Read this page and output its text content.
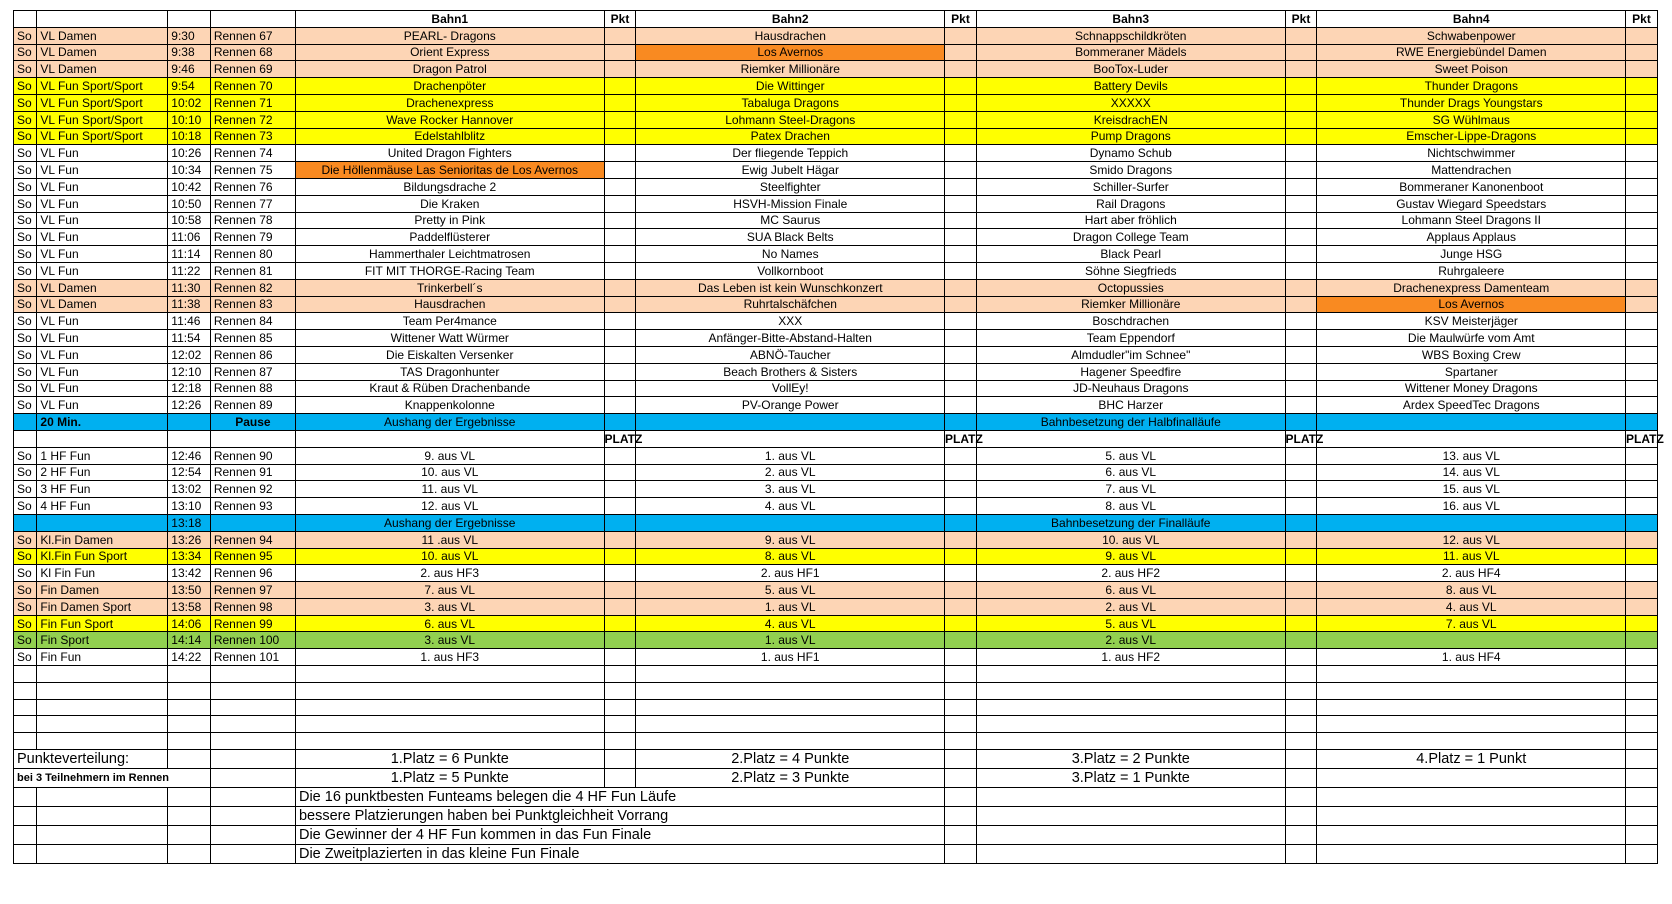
				Bahn1	Pkt	Bahn2	Pkt	Bahn3	Pkt	Bahn4	Pkt
So	VL Damen	9:30	Rennen 67	PEARL- Dragons		Hausdrachen		Schnappschildkröten		Schwabenpower	
So	VL Damen	9:38	Rennen 68	Orient Express		Los Avernos		Bommeraner Mädels		RWE Energiebündel Damen	
So	VL Damen	9:46	Rennen 69	Dragon Patrol		Riemker Millionäre		BooTox-Luder		Sweet Poison	
So	VL Fun Sport/Sport	9:54	Rennen 70	Drachenpöter		Die Wittinger		Battery Devils		Thunder Dragons	
So	VL Fun Sport/Sport	10:02	Rennen 71	Drachenexpress		Tabaluga Dragons		XXXXX		Thunder Drags Youngstars	
So	VL Fun Sport/Sport	10:10	Rennen 72	Wave Rocker Hannover		Lohmann Steel-Dragons		KreisdrachEN		SG Wühlmaus	
So	VL Fun Sport/Sport	10:18	Rennen 73	Edelstahlblitz		Patex Drachen		Pump Dragons		Emscher-Lippe-Dragons	
So	VL Fun	10:26	Rennen 74	United Dragon Fighters		Der fliegende Teppich		Dynamo Schub		Nichtschwimmer	
So	VL Fun	10:34	Rennen 75	Die Höllenmäuse Las Senioritas de Los Avernos		Ewig Jubelt Hägar		Smido Dragons		Mattendrachen	
So	VL Fun	10:42	Rennen 76	Bildungsdrache 2		Steelfighter		Schiller-Surfer		Bommeraner Kanonenboot	
So	VL Fun	10:50	Rennen 77	Die Kraken		HSVH-Mission Finale		Rail Dragons		Gustav Wiegard Speedstars	
So	VL Fun	10:58	Rennen 78	Pretty in Pink		MC Saurus		Hart aber fröhlich		Lohmann Steel Dragons II	
So	VL Fun	11:06	Rennen 79	Paddelflüsterer		SUA Black Belts		Dragon College Team		Applaus Applaus	
So	VL Fun	11:14	Rennen 80	Hammerthaler Leichtmatrosen		No Names		Black Pearl		Junge HSG	
So	VL Fun	11:22	Rennen 81	FIT MIT THORGE-Racing Team		Vollkornboot		Söhne Siegfrieds		Ruhrgaleere	
So	VL Damen	11:30	Rennen 82	Trinkerbell´s		Das Leben ist kein Wunschkonzert		Octopussies		Drachenexpress Damenteam	
So	VL Damen	11:38	Rennen 83	Hausdrachen		Ruhrtalschäfchen		Riemker Millionäre		Los Avernos	
So	VL Fun	11:46	Rennen 84	Team Per4mance		XXX		Boschdrachen		KSV Meisterjäger	
So	VL Fun	11:54	Rennen 85	Wittener Watt Würmer		Anfänger-Bitte-Abstand-Halten		Team Eppendorf		Die Maulwürfe vom Amt	
So	VL Fun	12:02	Rennen 86	Die Eiskalten Versenker		ABNÖ-Taucher		Almdudler"im Schnee"		WBS Boxing Crew	
So	VL Fun	12:10	Rennen 87	TAS Dragonhunter		Beach Brothers & Sisters		Hagener Speedfire		Spartaner	
So	VL Fun	12:18	Rennen 88	Kraut & Rüben Drachenbande		VollEy!		JD-Neuhaus Dragons		Wittener Money Dragons	
So	VL Fun	12:26	Rennen 89	Knappenkolonne		PV-Orange Power		BHC Harzer		Ardex SpeedTec Dragons	
	20 Min.		Pause	Aushang der Ergebnisse				Bahnbesetzung der Halbfinalläufe			
					PLATZ		PLATZ		PLATZ		PLATZ
So	1 HF Fun	12:46	Rennen 90	9. aus VL		1. aus VL		5. aus VL		13. aus VL	
So	2 HF Fun	12:54	Rennen 91	10. aus VL		2. aus VL		6. aus VL		14. aus VL	
So	3 HF Fun	13:02	Rennen 92	11. aus VL		3. aus VL		7. aus VL		15. aus VL	
So	4 HF Fun	13:10	Rennen 93	12. aus VL		4. aus VL		8. aus VL		16. aus VL	
		13:18		Aushang der Ergebnisse				Bahnbesetzung der Finalläufe			
So	Kl.Fin Damen	13:26	Rennen 94	11 .aus VL		9. aus VL		10. aus VL		12. aus VL	
So	Kl.Fin Fun Sport	13:34	Rennen 95	10. aus VL		8. aus VL		9. aus VL		11. aus VL	
So	Kl Fin Fun	13:42	Rennen 96	2. aus HF3		2. aus HF1		2. aus HF2		2. aus HF4	
So	Fin Damen	13:50	Rennen 97	7. aus VL		5. aus VL		6. aus VL		8. aus VL	
So	Fin Damen Sport	13:58	Rennen 98	3. aus VL		1. aus VL		2. aus VL		4. aus VL	
So	Fin Fun Sport	14:06	Rennen 99	6. aus VL		4. aus VL		5. aus VL		7. aus VL	
So	Fin Sport	14:14	Rennen 100	3. aus VL		1. aus VL		2. aus VL			
So	Fin Fun	14:22	Rennen 101	1. aus HF3		1. aus HF1		1. aus HF2		1. aus HF4	

Punkteverteilung:				1.Platz = 6 Punkte		2.Platz = 4 Punkte		3.Platz = 2 Punkte		4.Platz = 1 Punkt	
bei 3 Teilnehmern im Rennen				1.Platz = 5 Punkte		2.Platz = 3 Punkte		3.Platz = 1 Punkte			
				Die 16 punktbesten Funteams belegen die 4 HF Fun Läufe							
				bessere Platzierungen haben bei Punktgleichheit Vorrang							
				Die Gewinner der 4 HF Fun kommen in das Fun Finale							
				Die Zweitplazierten in das kleine Fun Finale							
